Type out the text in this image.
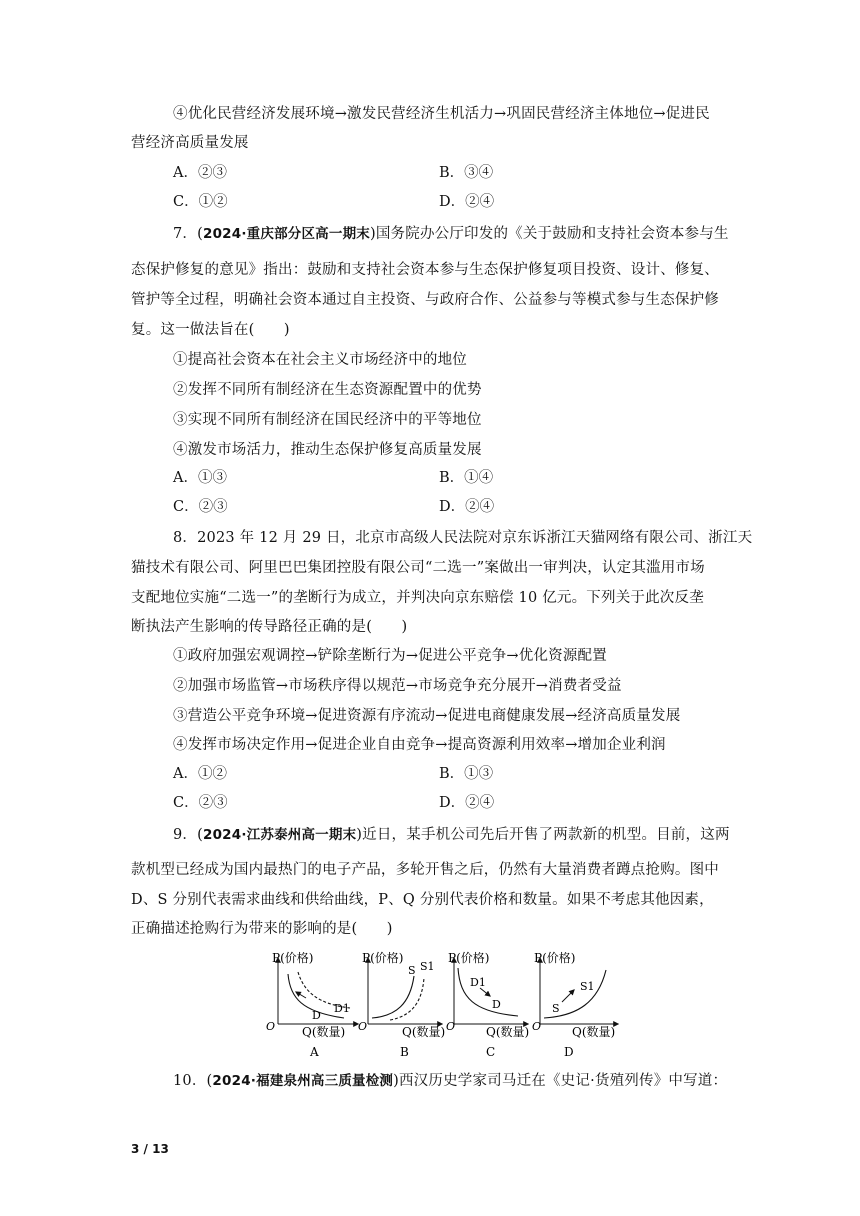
④优化民营经济发展环境→激发民营经济生机活力→巩固民营经济主体地位→促进民
营经济高质量发展
A．②③	B．③④
C．①②	D．②④
7．(2024·重庆部分区高一期末)国务院办公厅印发的《关于鼓励和支持社会资本参与生
态保护修复的意见》指出：鼓励和支持社会资本参与生态保护修复项目投资、设计、修复、
管护等全过程，明确社会资本通过自主投资、与政府合作、公益参与等模式参与生态保护修
复。这一做法旨在(　　)
①提高社会资本在社会主义市场经济中的地位
②发挥不同所有制经济在生态资源配置中的优势
③实现不同所有制经济在国民经济中的平等地位
④激发市场活力，推动生态保护修复高质量发展
A．①③	B．①④
C．②③	D．②④
8．2023 年 12 月 29 日，北京市高级人民法院对京东诉浙江天猫网络有限公司、浙江天
猫技术有限公司、阿里巴巴集团控股有限公司“二选一”案做出一审判决，认定其滥用市场
支配地位实施“二选一”的垄断行为成立，并判决向京东赔偿 10 亿元。下列关于此次反垄
断执法产生影响的传导路径正确的是(　　)
①政府加强宏观调控→铲除垄断行为→促进公平竞争→优化资源配置
②加强市场监管→市场秩序得以规范→市场竞争充分展开→消费者受益
③营造公平竞争环境→促进资源有序流动→促进电商健康发展→经济高质量发展
④发挥市场决定作用→促进企业自由竞争→提高资源利用效率→增加企业利润
A．①②	B．①③
C．②③	D．②④
9．(2024·江苏泰州高一期末)近日，某手机公司先后开售了两款新的机型。目前，这两
款机型已经成为国内最热门的电子产品，多轮开售之后，仍然有大量消费者蹲点抢购。图中
D、S 分别代表需求曲线和供给曲线，P、Q 分别代表价格和数量。如果不考虑其他因素，
正确描述抢购行为带来的影响的是(　　)
P(价格)
O Q(数量)
D
D1
A
P(价格)
O	Q(数量)
S S1
B
P(价格)
O	Q(数量)
D1
D
C
P(价格)
O	Q(数量)
S
S1
D
10．(2024·福建泉州高三质量检测)西汉历史学家司马迁在《史记·货殖列传》中写道：
3 / 13
